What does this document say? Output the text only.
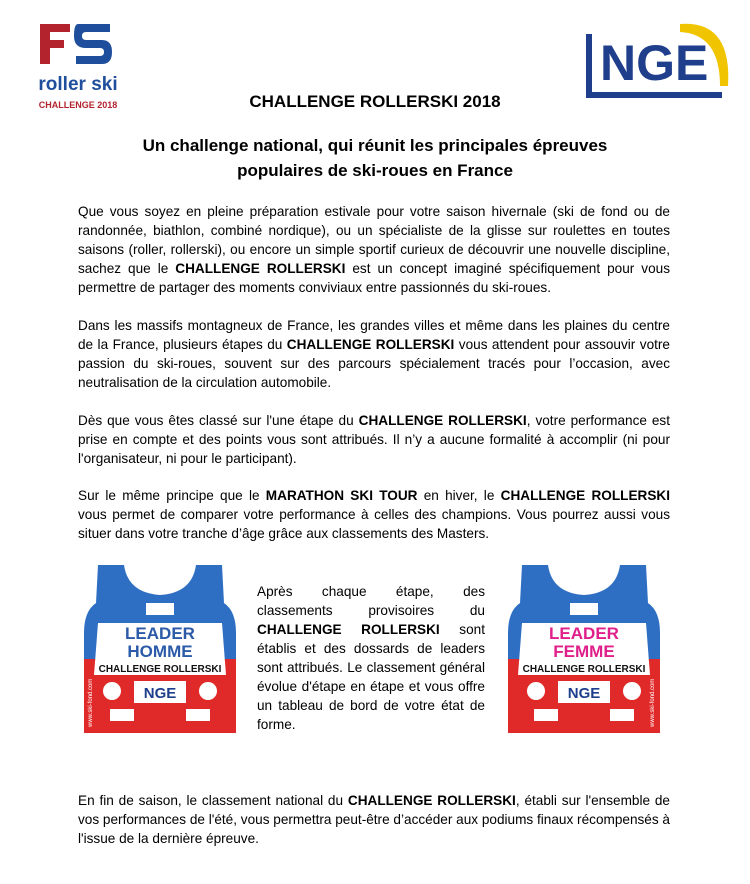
roller ski
CHALLENGE 2018
NGE
CHALLENGE ROLLERSKI 2018
Un challenge national, qui réunit les principales épreuves
populaires de ski-roues en France

Que vous soyez en pleine préparation estivale pour votre saison hivernale (ski de fond ou de randonnée, biathlon, combiné nordique), ou un spécialiste de la glisse sur roulettes en toutes saisons (roller, rollerski), ou encore un simple sportif curieux de découvrir une nouvelle discipline, sachez que le CHALLENGE ROLLERSKI est un concept imaginé spécifiquement pour vous permettre de partager des moments conviviaux entre passionnés du ski-roues.

Dans les massifs montagneux de France, les grandes villes et même dans les plaines du centre de la France, plusieurs étapes du CHALLENGE ROLLERSKI vous attendent pour assouvir votre passion du ski-roues, souvent sur des parcours spécialement tracés pour l’occasion, avec neutralisation de la circulation automobile.

Dès que vous êtes classé sur l'une étape du CHALLENGE ROLLERSKI, votre performance est prise en compte et des points vous sont attribués. Il n’y a aucune formalité à accomplir (ni pour l'organisateur, ni pour le participant).

Sur le même principe que le MARATHON SKI TOUR en hiver, le CHALLENGE ROLLERSKI vous permet de comparer votre performance à celles des champions. Vous pourrez aussi vous situer dans votre tranche d’âge grâce aux classements des Masters.

LEADER
HOMME
CHALLENGE ROLLERSKI
NGE
www.ski-fond.com

Après chaque étape, des classements provisoires du CHALLENGE ROLLERSKI sont établis et des dossards de leaders sont attribués. Le classement général évolue d'étape en étape et vous offre un tableau de bord de votre état de forme.

LEADER
FEMME
CHALLENGE ROLLERSKI
NGE	www.ski-fond.com

En fin de saison, le classement national du CHALLENGE ROLLERSKI, établi sur l'ensemble de vos performances de l'été, vous permettra peut-être d’accéder aux podiums finaux récompensés à l'issue de la dernière épreuve.
